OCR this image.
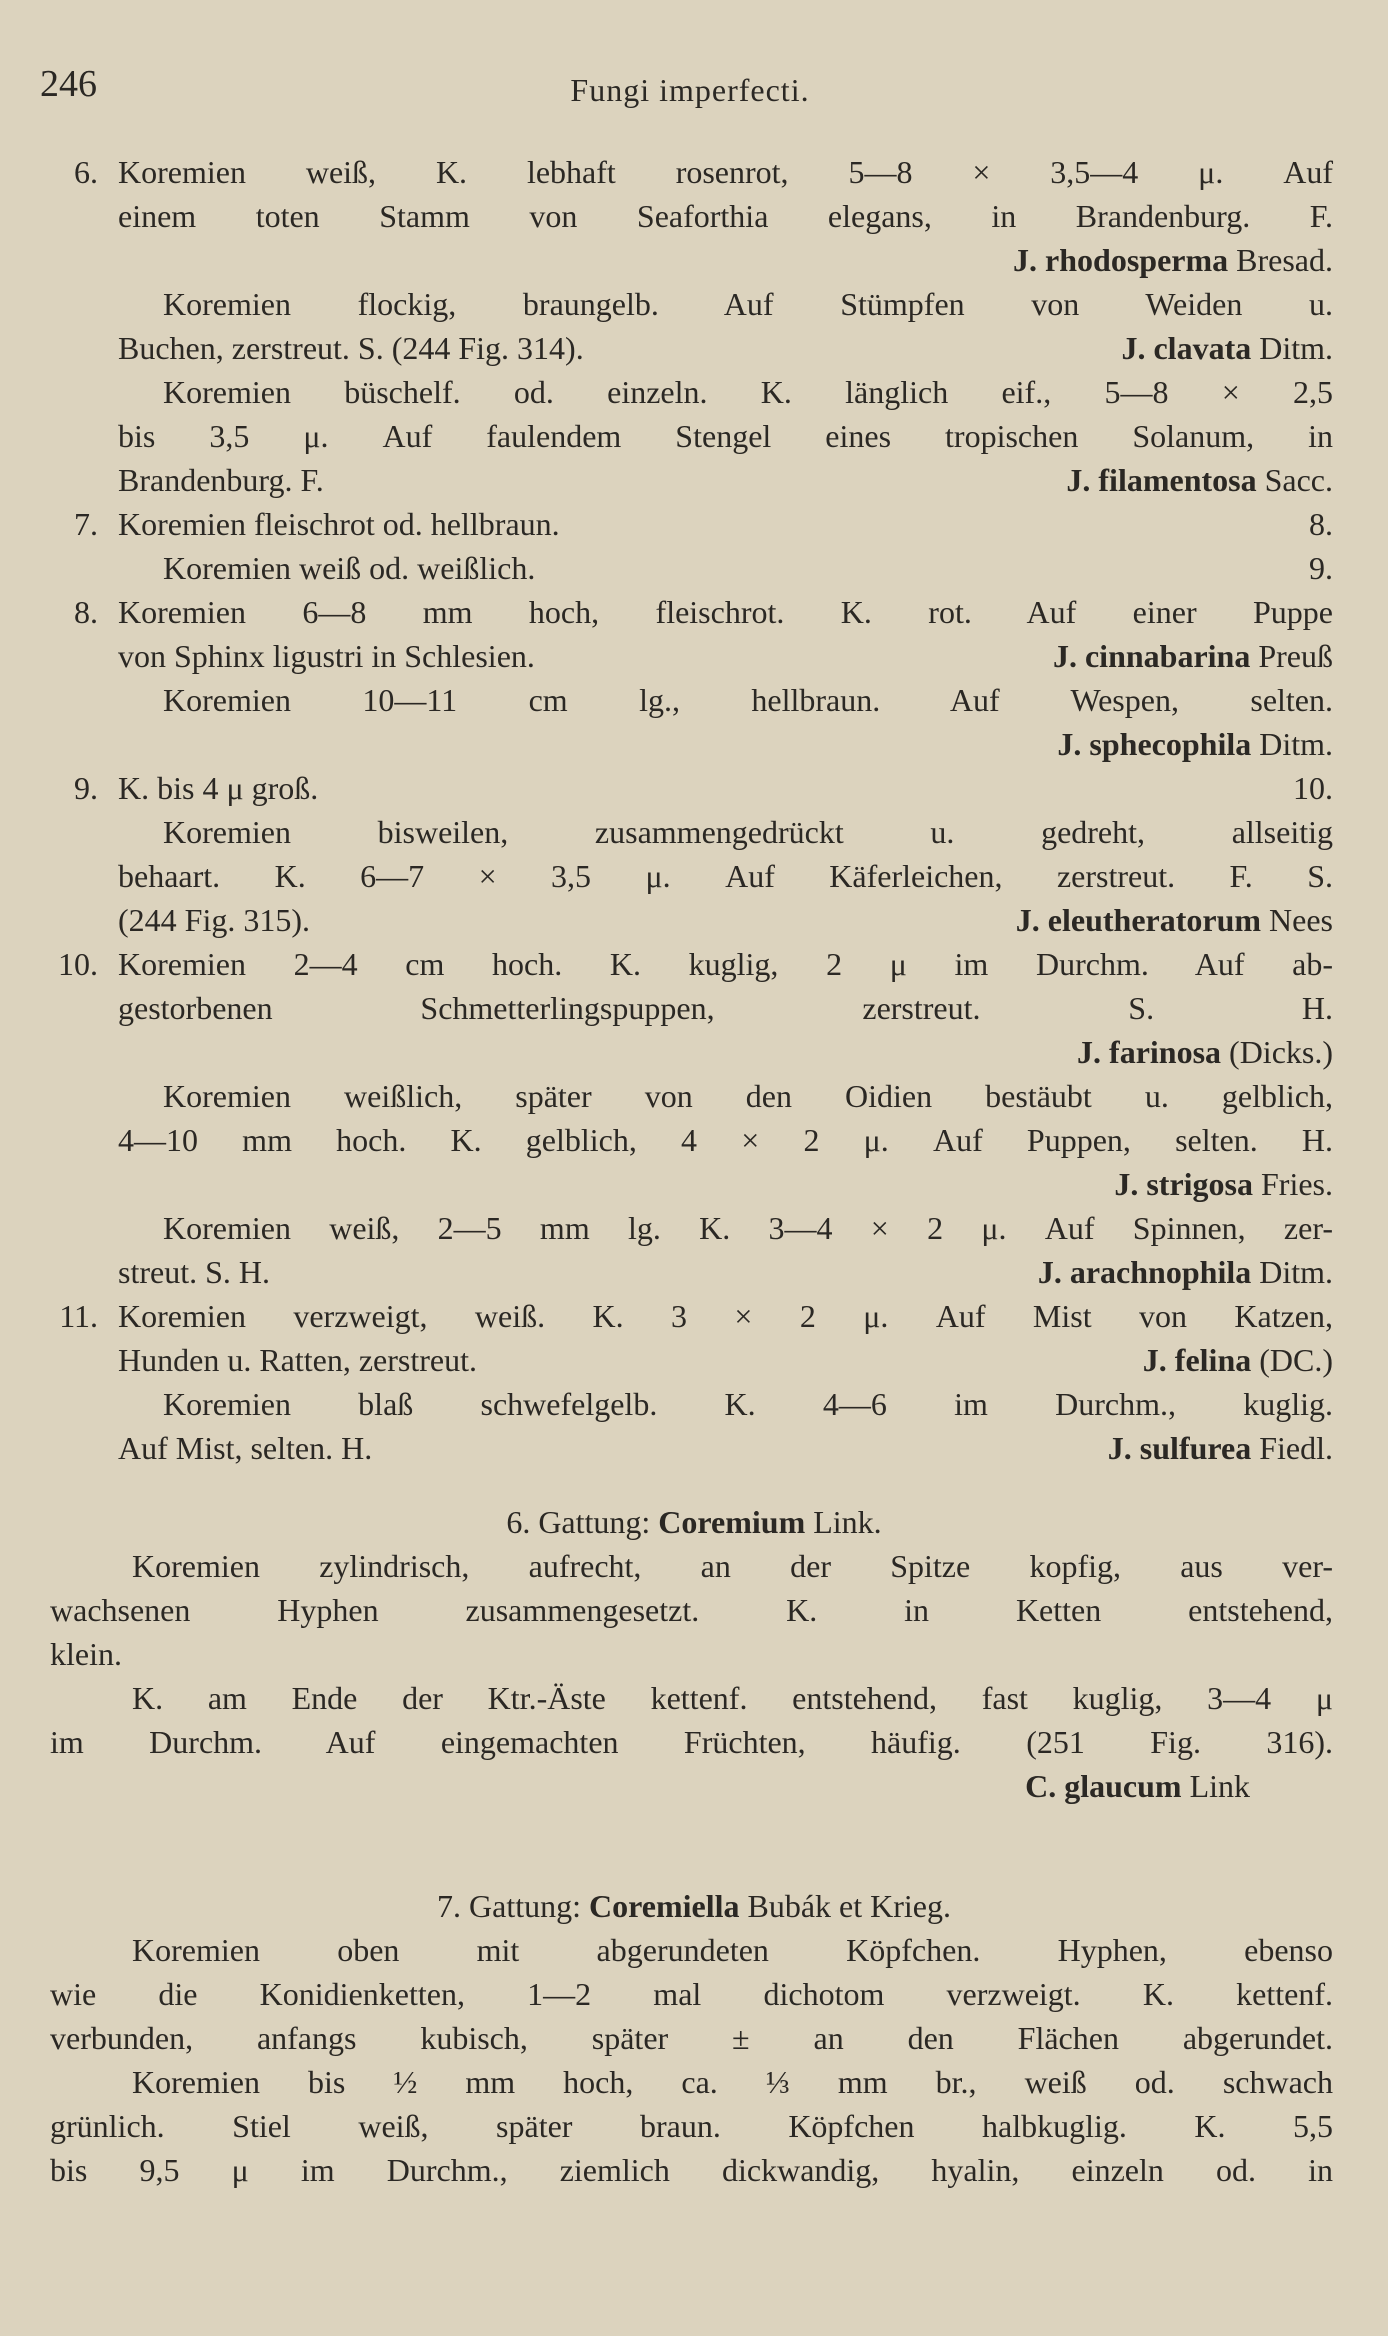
246	Fungi imperfecti.
6. Koremien weiß, K. lebhaft rosenrot, 5—8 × 3,5—4 μ. Auf
einem toten Stamm von Seaforthia elegans, in Brandenburg. F.
J. rhodosperma Bresad.
Koremien flockig, braungelb. Auf Stümpfen von Weiden u.
Buchen, zerstreut. S. (244 Fig. 314).	J. clavata Ditm.
Koremien büschelf. od. einzeln. K. länglich eif., 5—8 × 2,5
bis 3,5 μ. Auf faulendem Stengel eines tropischen Solanum, in
Brandenburg. F.	J. filamentosa Sacc.
7. Koremien fleischrot od. hellbraun.	8.
Koremien weiß od. weißlich.	9.
8. Koremien 6—8 mm hoch, fleischrot. K. rot. Auf einer Puppe
von Sphinx ligustri in Schlesien.	J. cinnabarina Preuß
Koremien 10—11 cm lg., hellbraun. Auf Wespen, selten.
J. sphecophila Ditm.
9. K. bis 4 μ groß.	10.
Koremien bisweilen, zusammengedrückt u. gedreht, allseitig
behaart. K. 6—7 × 3,5 μ. Auf Käferleichen, zerstreut. F. S.
(244 Fig. 315).	J. eleutheratorum Nees
10. Koremien 2—4 cm hoch. K. kuglig, 2 μ im Durchm. Auf ab-
gestorbenen Schmetterlingspuppen, zerstreut. S. H.
J. farinosa (Dicks.)
Koremien weißlich, später von den Oidien bestäubt u. gelblich,
4—10 mm hoch. K. gelblich, 4 × 2 μ. Auf Puppen, selten. H.
J. strigosa Fries.
Koremien weiß, 2—5 mm lg. K. 3—4 × 2 μ. Auf Spinnen, zer-
streut. S. H.	J. arachnophila Ditm.
11. Koremien verzweigt, weiß. K. 3 × 2 μ. Auf Mist von Katzen,
Hunden u. Ratten, zerstreut.	J. felina (DC.)
Koremien blaß schwefelgelb. K. 4—6 im Durchm., kuglig.
Auf Mist, selten. H.	J. sulfurea Fiedl.
6. Gattung: Coremium Link.
Koremien zylindrisch, aufrecht, an der Spitze kopfig, aus ver-
wachsenen Hyphen zusammengesetzt. K. in Ketten entstehend,
klein.
K. am Ende der Ktr.-Äste kettenf. entstehend, fast kuglig, 3—4 μ
im Durchm. Auf eingemachten Früchten, häufig. (251 Fig. 316).
C. glaucum Link
7. Gattung: Coremiella Bubák et Krieg.
Koremien oben mit abgerundeten Köpfchen. Hyphen, ebenso
wie die Konidienketten, 1—2 mal dichotom verzweigt. K. kettenf.
verbunden, anfangs kubisch, später ± an den Flächen abgerundet.
Koremien bis ½ mm hoch, ca. ⅓ mm br., weiß od. schwach
grünlich. Stiel weiß, später braun. Köpfchen halbkuglig. K. 5,5
bis 9,5 μ im Durchm., ziemlich dickwandig, hyalin, einzeln od. in
